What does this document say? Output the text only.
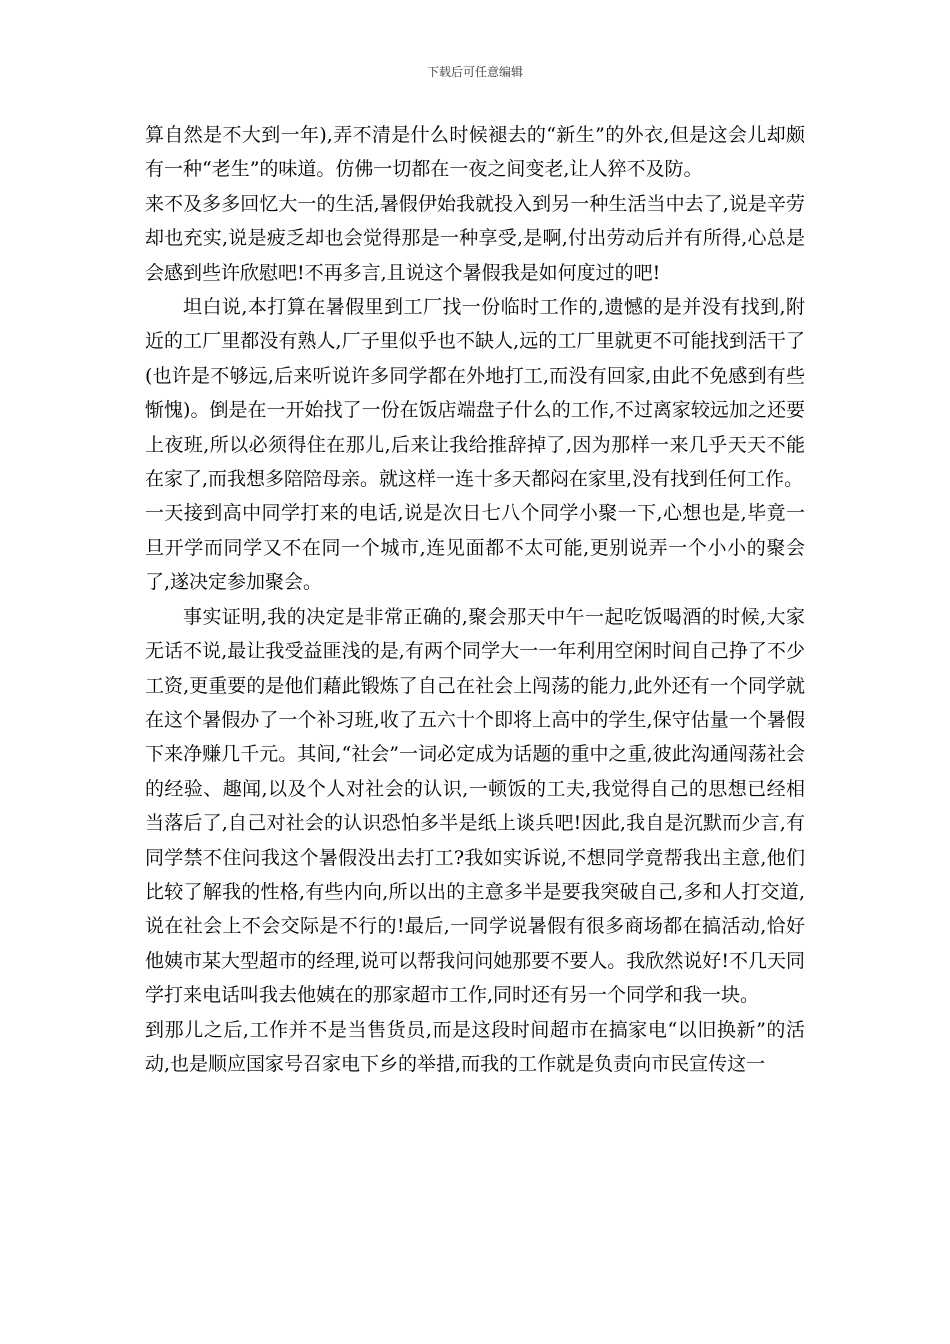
下载后可任意编辑

算自然是不大到一年),弄不清是什么时候褪去的“新生”的外衣,但是这会儿却颇有一种“老生”的味道。仿佛一切都在一夜之间变老,让人猝不及防。

来不及多多回忆大一的生活,暑假伊始我就投入到另一种生活当中去了,说是辛劳却也充实,说是疲乏却也会觉得那是一种享受,是啊,付出劳动后并有所得,心总是会感到些许欣慰吧!不再多言,且说这个暑假我是如何度过的吧!

坦白说,本打算在暑假里到工厂找一份临时工作的,遗憾的是并没有找到,附近的工厂里都没有熟人,厂子里似乎也不缺人,远的工厂里就更不可能找到活干了(也许是不够远,后来听说许多同学都在外地打工,而没有回家,由此不免感到有些惭愧)。倒是在一开始找了一份在饭店端盘子什么的工作,不过离家较远加之还要上夜班,所以必须得住在那儿,后来让我给推辞掉了,因为那样一来几乎天天不能在家了,而我想多陪陪母亲。就这样一连十多天都闷在家里,没有找到任何工作。

一天接到高中同学打来的电话,说是次日七八个同学小聚一下,心想也是,毕竟一旦开学而同学又不在同一个城市,连见面都不太可能,更别说弄一个小小的聚会了,遂决定参加聚会。

事实证明,我的决定是非常正确的,聚会那天中午一起吃饭喝酒的时候,大家无话不说,最让我受益匪浅的是,有两个同学大一一年利用空闲时间自己挣了不少工资,更重要的是他们藉此锻炼了自己在社会上闯荡的能力,此外还有一个同学就在这个暑假办了一个补习班,收了五六十个即将上高中的学生,保守估量一个暑假下来净赚几千元。其间,“社会”一词必定成为话题的重中之重,彼此沟通闯荡社会的经验、趣闻,以及个人对社会的认识,一顿饭的工夫,我觉得自己的思想已经相当落后了,自己对社会的认识恐怕多半是纸上谈兵吧!因此,我自是沉默而少言,有同学禁不住问我这个暑假没出去打工?我如实诉说,不想同学竟帮我出主意,他们比较了解我的性格,有些内向,所以出的主意多半是要我突破自己,多和人打交道,说在社会上不会交际是不行的!最后,一同学说暑假有很多商场都在搞活动,恰好他姨市某大型超市的经理,说可以帮我问问她那要不要人。我欣然说好!不几天同学打来电话叫我去他姨在的那家超市工作,同时还有另一个同学和我一块。

到那儿之后,工作并不是当售货员,而是这段时间超市在搞家电“以旧换新”的活动,也是顺应国家号召家电下乡的举措,而我的工作就是负责向市民宣传这一
